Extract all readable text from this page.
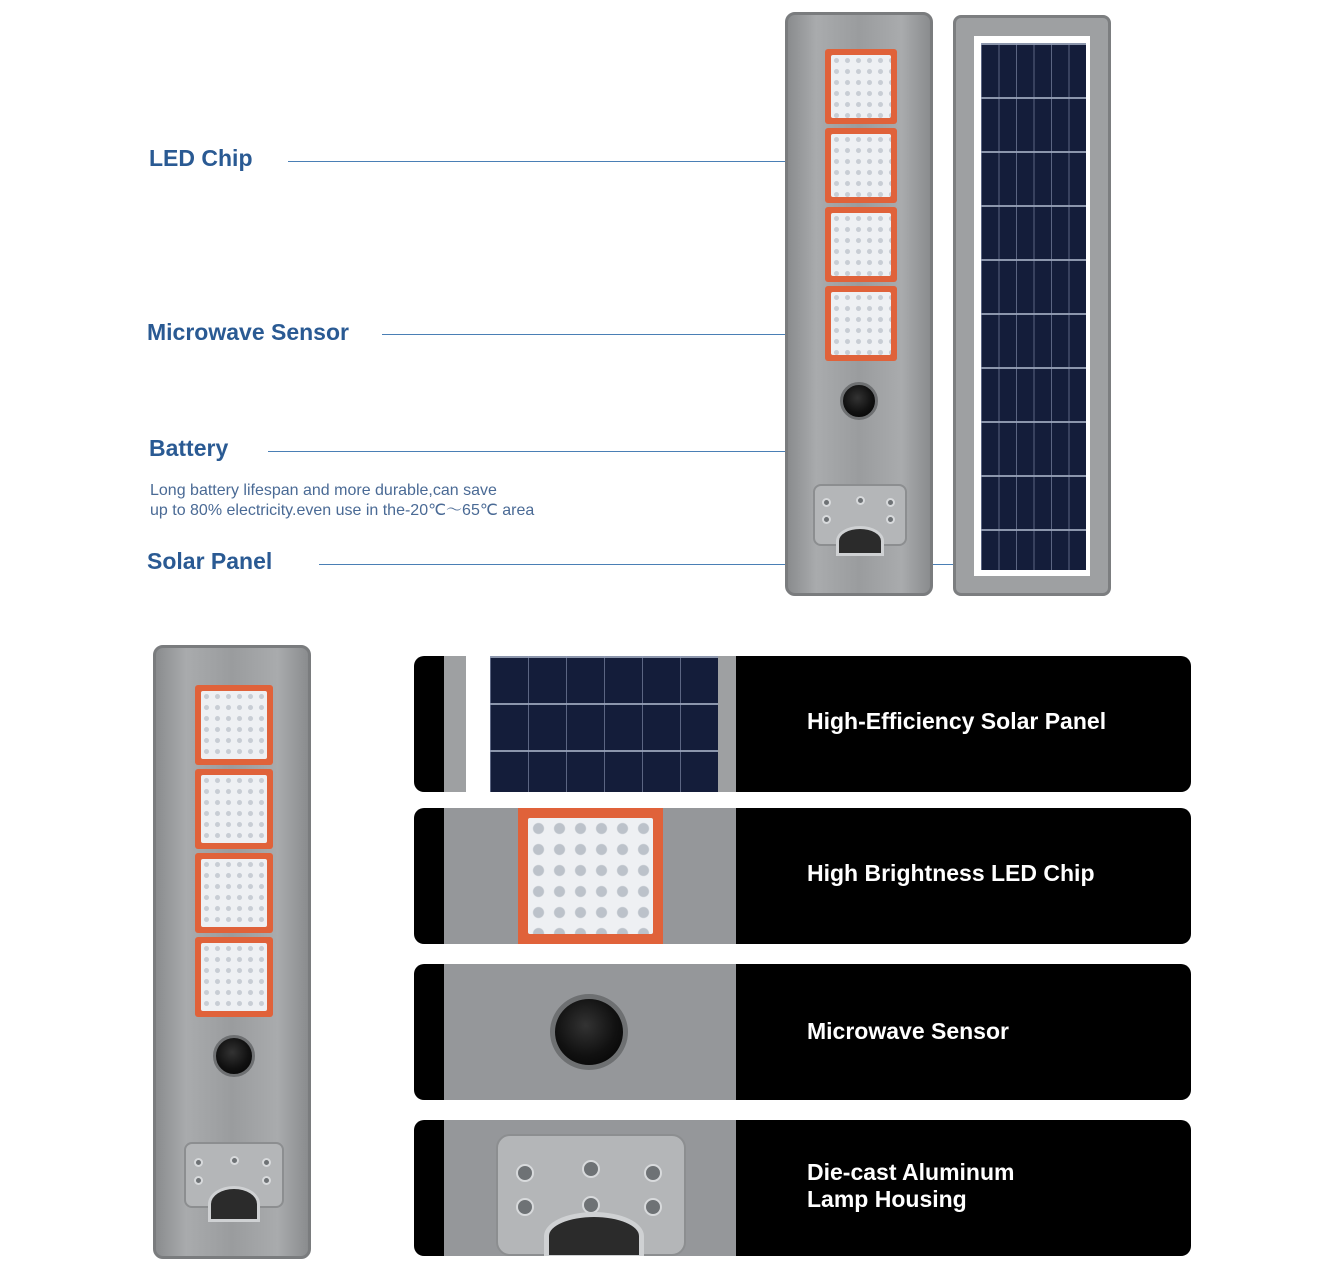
LED Chip
Microwave Sensor
Battery
Long battery lifespan and more durable,can save
up to 80% electricity.even use in the-20℃～65℃ area
Solar Panel
High-Efficiency Solar Panel
High Brightness LED Chip
Microwave Sensor
Die-cast Aluminum
Lamp Housing
